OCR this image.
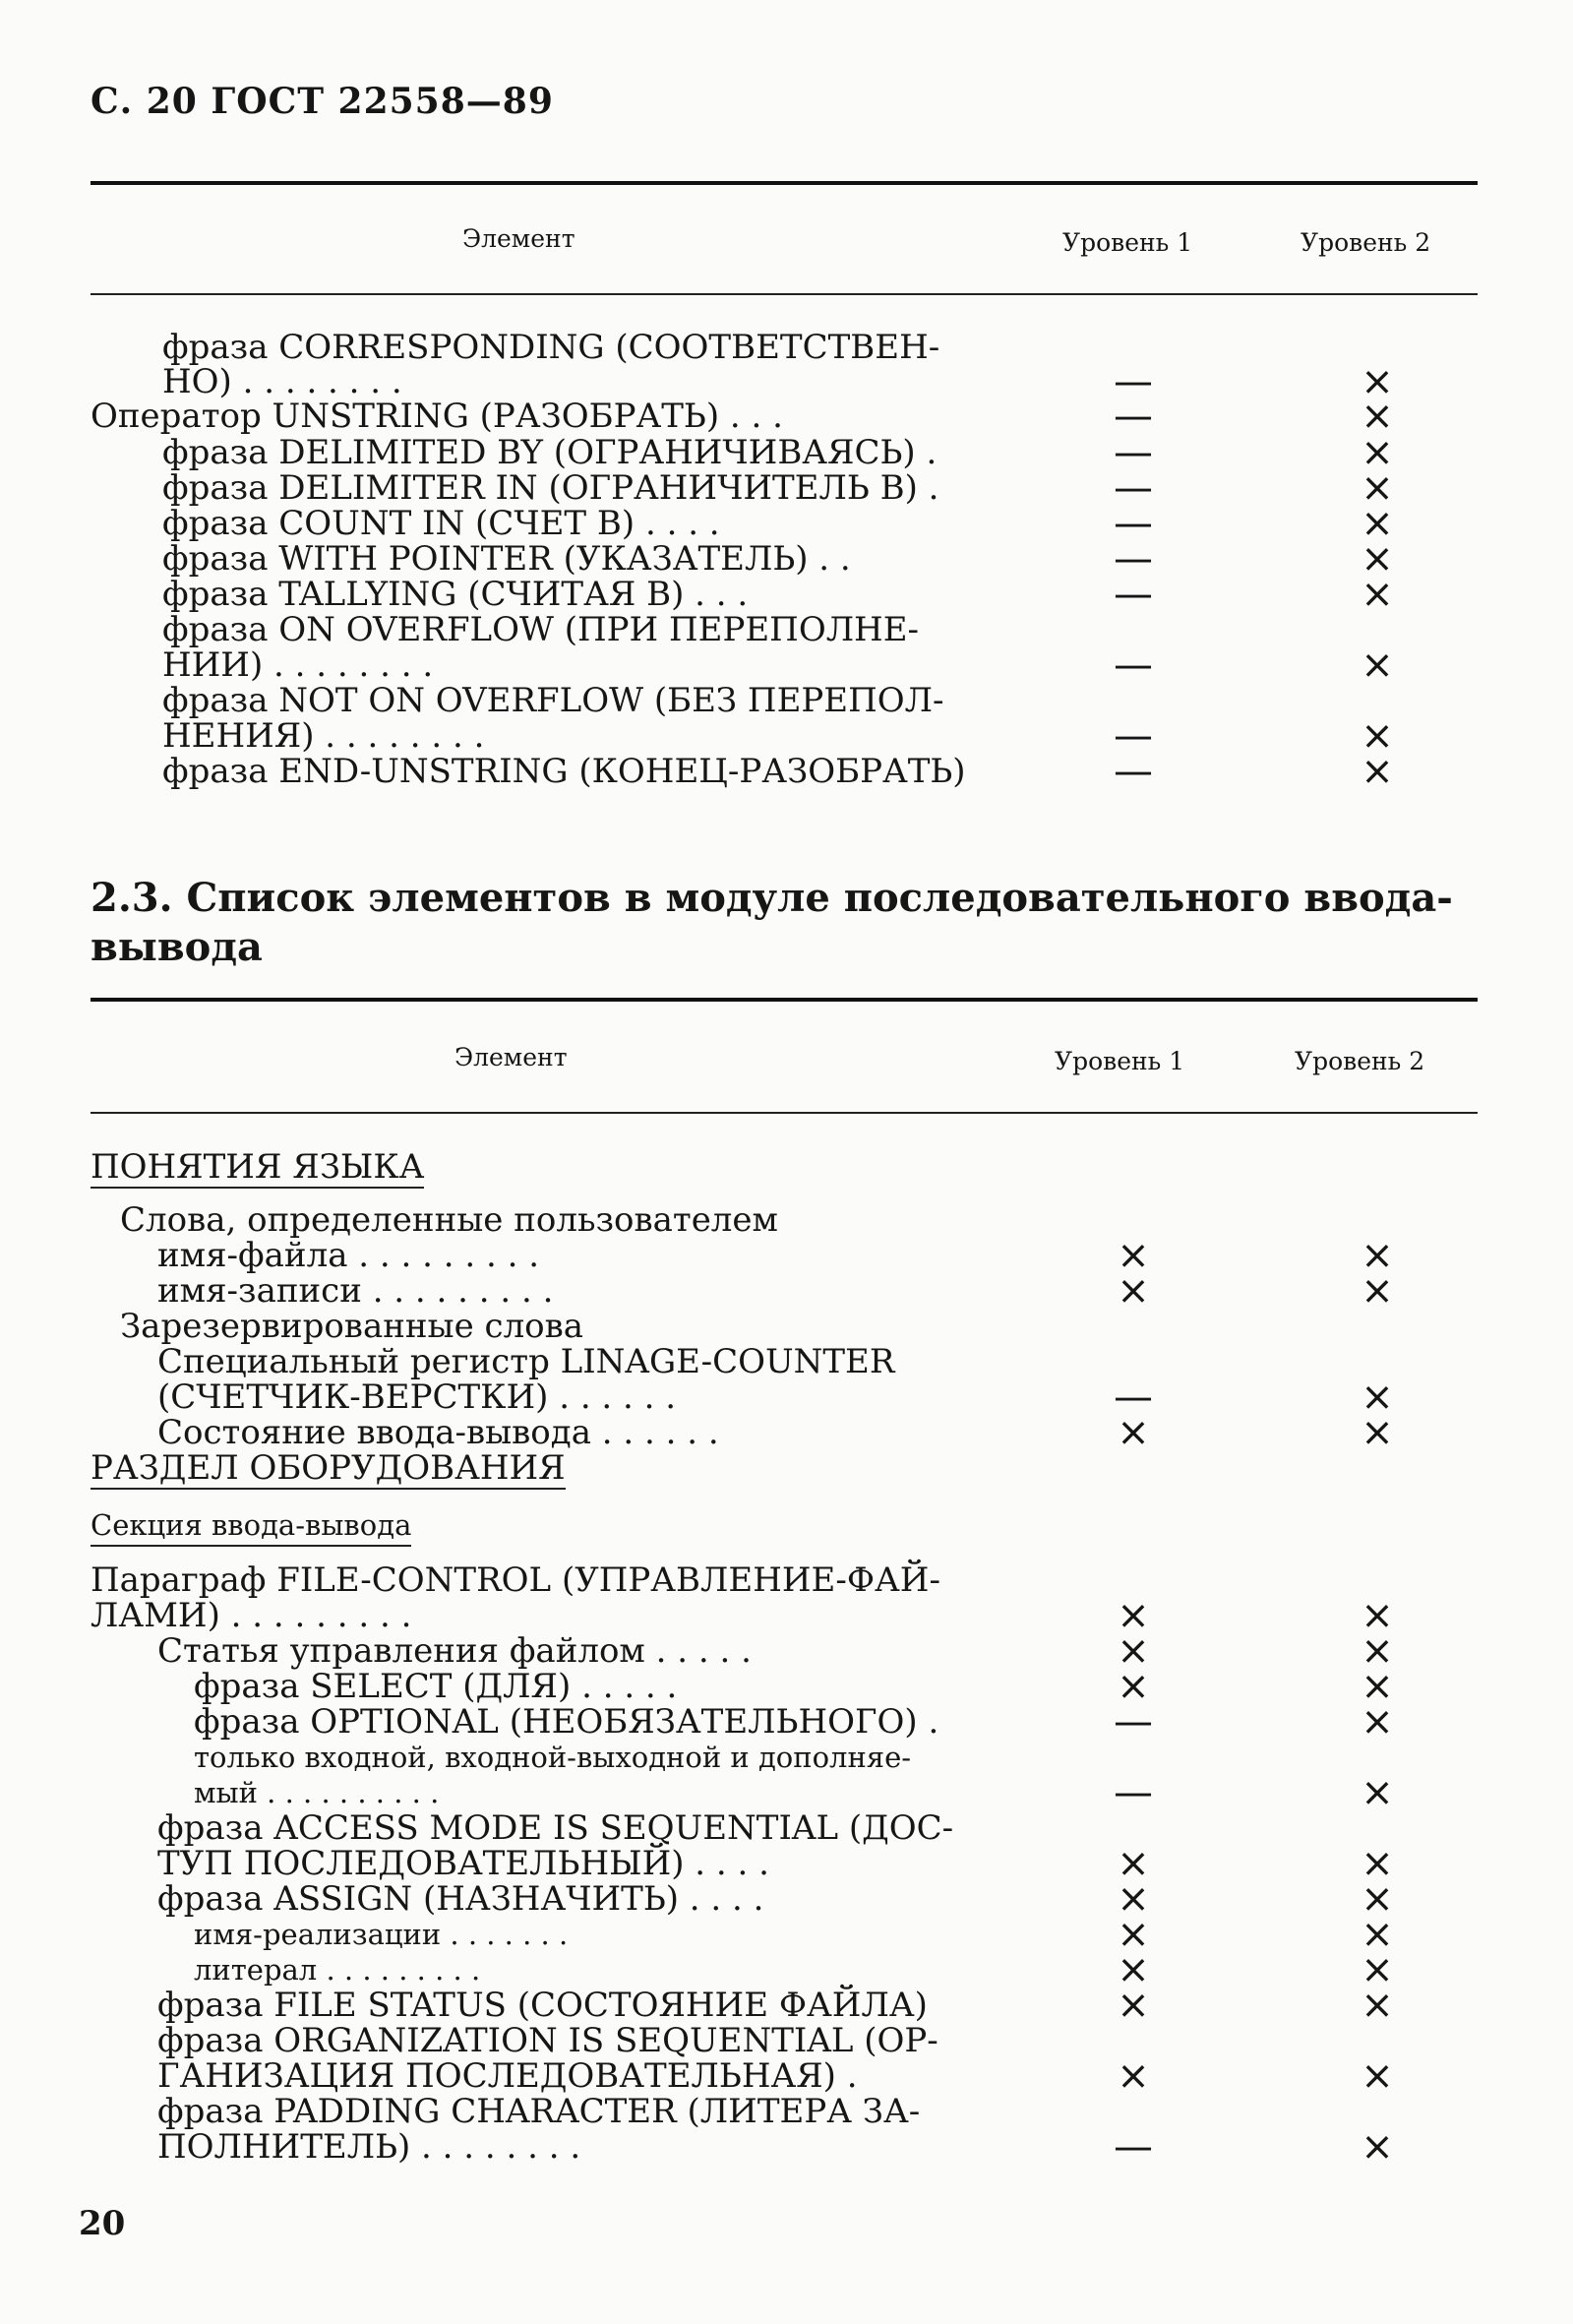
С. 20 ГОСТ 22558—89
Элемент	Уровень 1	Уровень 2
фраза CORRESPONDING (СООТВЕТСТВЕН-
НО) . . . . . . . .	—	×
Оператор UNSTRING (РАЗОБРАТЬ) . . .	—	×
фраза DELIMITED BY (ОГРАНИЧИВАЯСЬ) .	—	×
фраза DELIMITER IN (ОГРАНИЧИТЕЛЬ В) .	—	×
фраза COUNT IN (СЧЕТ В) . . . .	—	×
фраза WITH POINTER (УКАЗАТЕЛЬ) . .	—	×
фраза TALLYING (СЧИТАЯ В) . . .	—	×
фраза ON OVERFLOW (ПРИ ПЕРЕПОЛНЕ-
НИИ) . . . . . . . .	—	×
фраза NOT ON OVERFLOW (БЕЗ ПЕРЕПОЛ-
НЕНИЯ) . . . . . . . .	—	×
фраза END-UNSTRING (КОНЕЦ-РАЗОБРАТЬ)	—	×
2.3. Список элементов в модуле последовательного ввода-вывода
Элемент	Уровень 1	Уровень 2
ПОНЯТИЯ ЯЗЫКА
Слова, определенные пользователем
имя-файла . . . . . . . . .	×	×
имя-записи . . . . . . . . .	×	×
Зарезервированные слова
Специальный регистр LINAGE-COUNTER
(СЧЕТЧИК-ВЕРСТКИ) . . . . . .	—	×
Состояние ввода-вывода . . . . . .	×	×
РАЗДЕЛ ОБОРУДОВАНИЯ
Секция ввода-вывода
Параграф FILE-CONTROL (УПРАВЛЕНИЕ-ФАЙ-
ЛАМИ) . . . . . . . . .	×	×
Статья управления файлом . . . . .	×	×
фраза SELECT (ДЛЯ) . . . . .	×	×
фраза OPTIONAL (НЕОБЯЗАТЕЛЬНОГО) .	—	×
только входной, входной-выходной и дополняе-
мый . . . . . . . . . .	—	×
фраза ACCESS MODE IS SEQUENTIAL (ДОС-
ТУП ПОСЛЕДОВАТЕЛЬНЫЙ) . . . .	×	×
фраза ASSIGN (НАЗНАЧИТЬ) . . . .	×	×
имя-реализации . . . . . . .	×	×
литерал . . . . . . . . .	×	×
фраза FILE STATUS (СОСТОЯНИЕ ФАЙЛА)	×	×
фраза ORGANIZATION IS SEQUENTIAL (ОР-
ГАНИЗАЦИЯ ПОСЛЕДОВАТЕЛЬНАЯ) .	×	×
фраза PADDING CHARACTER (ЛИТЕРА ЗА-
ПОЛНИТЕЛЬ) . . . . . . . .	—	×
20
